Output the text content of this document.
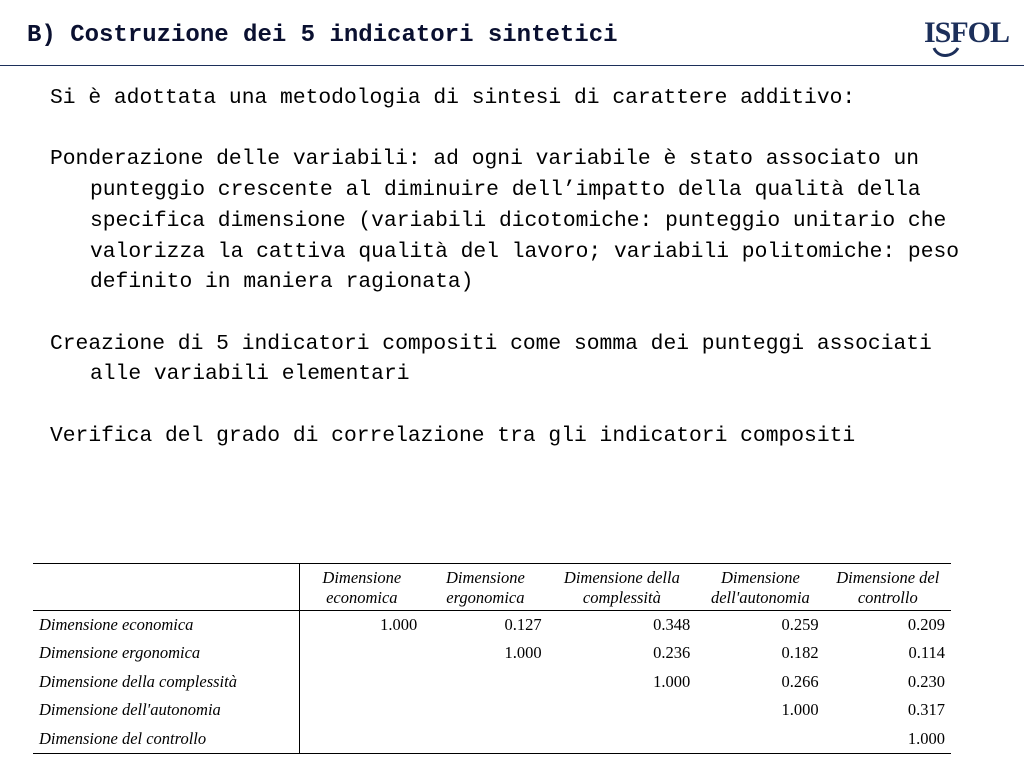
B) Costruzione dei 5 indicatori sintetici	ISFOL

Si è adottata una metodologia di sintesi di carattere additivo:

Ponderazione delle variabili: ad ogni variabile è stato associato un punteggio crescente al diminuire dell’impatto della qualità della specifica dimensione (variabili dicotomiche: punteggio unitario che valorizza la cattiva qualità del lavoro; variabili politomiche: peso  definito in maniera ragionata)

Creazione di 5 indicatori compositi come somma dei punteggi associati alle variabili elementari

Verifica del grado di correlazione tra gli indicatori compositi

	Dimensione economica	Dimensione ergonomica	Dimensione della complessità	Dimensione dell'autonomia	Dimensione del controllo
Dimensione economica	1.000	0.127	0.348	0.259	0.209
Dimensione ergonomica		1.000	0.236	0.182	0.114
Dimensione della complessità			1.000	0.266	0.230
Dimensione dell'autonomia				1.000	0.317
Dimensione del controllo					1.000
